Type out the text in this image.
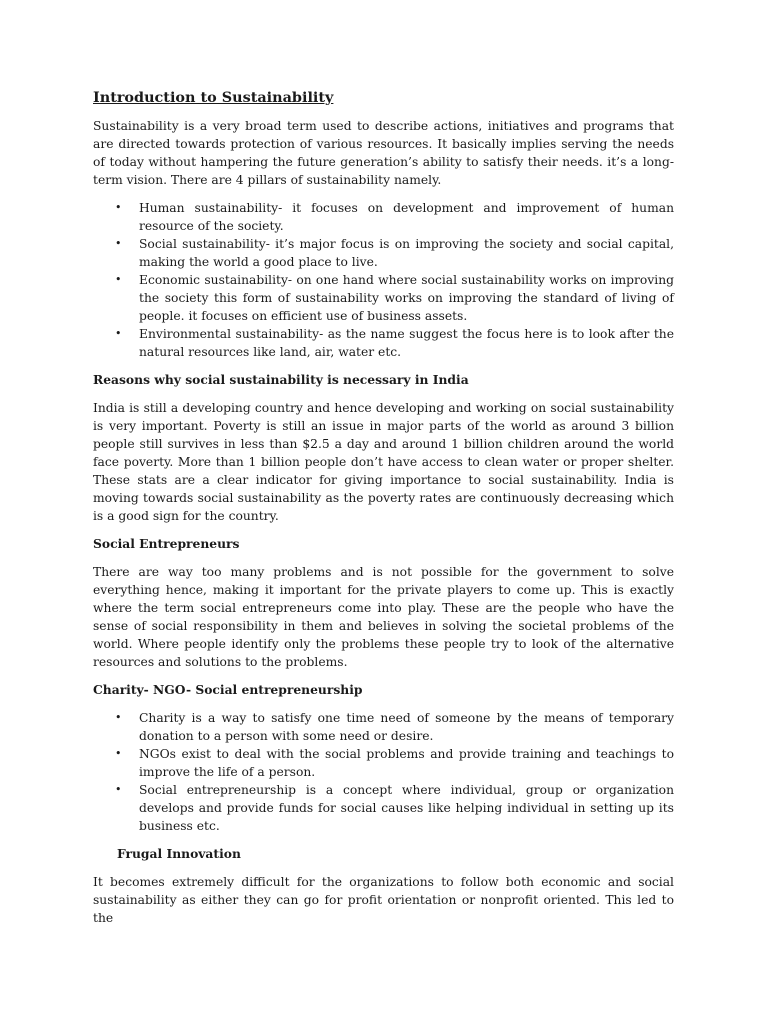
Introduction to Sustainability

Sustainability is a very broad term used to describe actions, initiatives and programs that are directed towards protection of various resources. It basically implies serving the needs of today without hampering the future generation’s ability to satisfy their needs. it’s a long-term vision. There are 4 pillars of sustainability namely.

• Human sustainability- it focuses on development and improvement of human resource of the society.
• Social sustainability- it’s major focus is on improving the society and social capital, making the world a good place to live.
• Economic sustainability- on one hand where social sustainability works on improving the society this form of sustainability works on improving the standard of living of people. it focuses on efficient use of business assets.
• Environmental sustainability- as the name suggest the focus here is to look after the natural resources like land, air, water etc.
Reasons why social sustainability is necessary in India

India is still a developing country and hence developing and working on social sustainability is very important. Poverty is still an issue in major parts of the world as around 3 billion people still survives in less than $2.5 a day and around 1 billion children around the world face poverty. More than 1 billion people don’t have access to clean water or proper shelter. These stats are a clear indicator for giving importance to social sustainability. India is moving towards social sustainability as the poverty rates are continuously decreasing which is a good sign for the country.

Social Entrepreneurs

There are way too many problems and is not possible for the government to solve everything hence, making it important for the private players to come up. This is exactly where the term social entrepreneurs come into play. These are the people who have the sense of social responsibility in them and believes in solving the societal problems of the world. Where people identify only the problems these people try to look of the alternative resources and solutions to the problems.

Charity- NGO- Social entrepreneurship
• Charity is a way to satisfy one time need of someone by the means of temporary donation to a person with some need or desire.
• NGOs exist to deal with the social problems and provide training and teachings to improve the life of a person.
• Social entrepreneurship is a concept where individual, group or organization develops and provide funds for social causes like helping individual in setting up its business etc.
Frugal Innovation

It becomes extremely difficult for the organizations to follow both economic and social sustainability as either they can go for profit orientation or nonprofit oriented. This led to the
